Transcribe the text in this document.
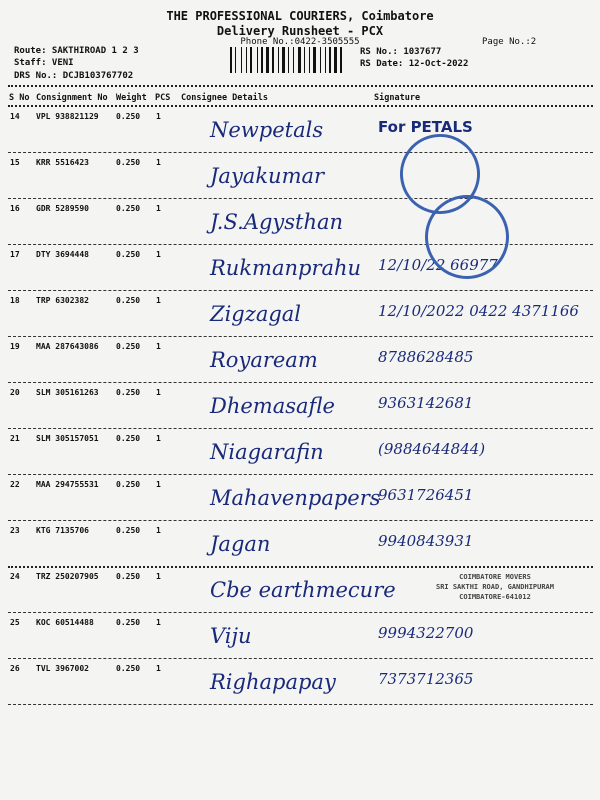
THE PROFESSIONAL COURIERS, Coimbatore
Delivery Runsheet - PCX
Phone No.:0422-3505555	Page No.:2
Route: SAKTHIROAD 1 2 3
Staff: VENI
DRS No.: DCJB103767702
RS No.: 1037677
RS Date: 12-Oct-2022
S No Consignment No Weight PCS Consignee Details	Signature
14 VPL 938821129 0.250 1
Newpetals	For PETALS
15 KRR 5516423	0.250 1
Jayakumar
16 GDR 5289590	0.250 1
J.S.Agysthan
17 DTY 3694448	0.250 1
Rukmanprahu 12/10/22 66977
18 TRP 6302382	0.250 1
Zigzagal	12/10/2022 0422 4371166
19 MAA 287643086 0.250 1
Royaream	8788628485
20 SLM 305161263 0.250 1
Dhemasafle	9363142681
21 SLM 305157051 0.250 1
Niagarafin	(9884644844)
22 MAA 294755531 0.250 1
Mahavenpapers
9631726451
23 KTG 7135706	0.250 1
Jagan	9940843931
24 TRZ 250207905 0.250 1
Cbe earthmecure
25 KOC 60514488	0.250 1
Viju	9994322700
26 TVL 3967002	0.250 1
Righapapay	7373712365
COIMBATORE MOVERS
SRI SAKTHI ROAD, GANDHIPURAM
COIMBATORE-641012
